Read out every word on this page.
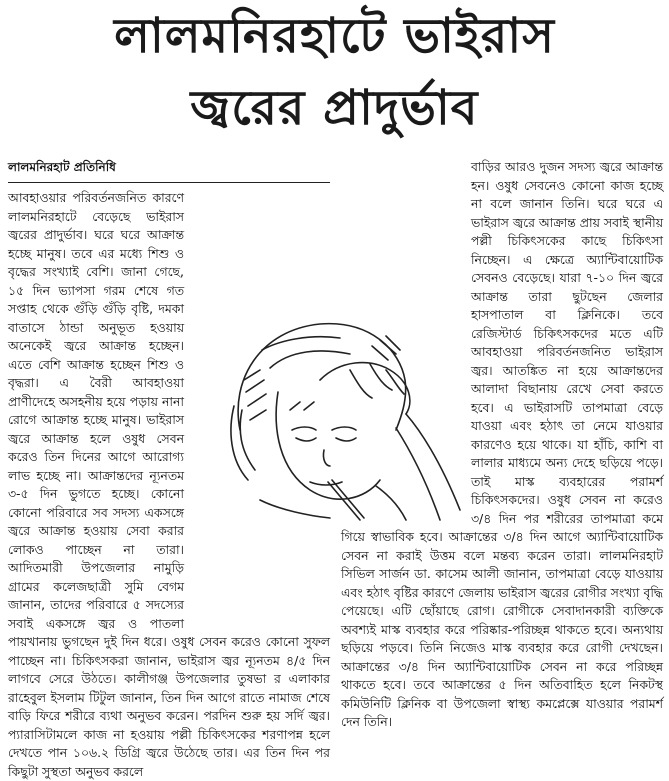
লালমনিরহাটে ভাইরাস
জ্বরের প্রাদুর্ভাব

লালমনিরহাট প্রতিনিধি

আবহাওয়ার পরিবর্তনজনিত কারণে লালমনিরহাটে বেড়েছে ভাইরাস জ্বরের প্রাদুর্ভাব। ঘরে ঘরে আক্রান্ত হচ্ছে মানুষ। তবে এর মধ্যে শিশু ও বৃদ্ধের সংখ্যাই বেশি। জানা গেছে, ১৫ দিন ভ্যাপসা গরম শেষে গত সপ্তাহ থেকে গুঁড়ি গুঁড়ি বৃষ্টি, দমকা বাতাসে ঠান্ডা অনুভূত হওয়ায় অনেকেই জ্বরে আক্রান্ত হচ্ছেন। এতে বেশি আক্রান্ত হচ্ছেন শিশু ও বৃদ্ধরা। এ বৈরী আবহাওয়া প্রাণীদেহে অসহনীয় হয়ে পড়ায় নানা রোগে আক্রান্ত হচ্ছে মানুষ। ভাইরাস জ্বরে আক্রান্ত হলে ওষুধ সেবন করেও তিন দিনের আগে আরোগ্য লাভ হচ্ছে না। আক্রান্তদের ন্যূনতম ৩-৫ দিন ভুগতে হচ্ছে। কোনো কোনো পরিবারে সব সদস্য একসঙ্গে জ্বরে আক্রান্ত হওয়ায় সেবা করার লোকও পাচ্ছেন না তারা। আদিতমারী উপজেলার নামুড়ি গ্রামের কলেজছাত্রী সুমি বেগম জানান, তাদের পরিবারে ৫ সদস্যের সবাই একসঙ্গে জ্বর ও পাতলা পায়খানায় ভুগছেন দুই দিন ধরে। ওষুধ সেবন করেও কোনো সুফল পাচ্ছেন না। চিকিৎসকরা জানান, ভাইরাস জ্বর ন্যূনতম ৪/৫ দিন লাগবে সেরে উঠতে। কালীগঞ্জ উপজেলার তুষভা র এলাকার রাহেবুল ইসলাম টিটুল জানান, তিন দিন আগে রাতে নামাজ শেষে বাড়ি ফিরে শরীরে ব্যথা অনুভব করেন। পরদিন শুরু হয় সর্দি জ্বর। প্যারাসিটামলে কাজ না হওয়ায় পল্লী চিকিৎসকের শরণাপন্ন হলে দেখতে পান ১০৬.২ ডিগ্রি জ্বরে উঠেছে তার। এর তিন দিন পর কিছুটা সুস্থতা অনুভব করলে

বাড়ির আরও দুজন সদস্য জ্বরে আক্রান্ত হন। ওষুধ সেবনেও কোনো কাজ হচ্ছে না বলে জানান তিনি। ঘরে ঘরে এ ভাইরাস জ্বরে আক্রান্ত প্রায় সবাই স্থানীয় পল্লী চিকিৎসকের কাছে চিকিৎসা নিচ্ছেন। এ ক্ষেত্রে অ্যান্টিবায়োটিক সেবনও বেড়েছে। যারা ৭-১০ দিন জ্বরে আক্রান্ত তারা ছুটছেন জেলার হাসপাতাল বা ক্লিনিকে। তবে রেজিস্টার্ড চিকিৎসকদের মতে এটি আবহাওয়া পরিবর্তনজনিত ভাইরাস জ্বর। আতঙ্কিত না হয়ে আক্রান্তদের আলাদা বিছানায় রেখে সেবা করতে হবে। এ ভাইরাসটি তাপমাত্রা বেড়ে যাওয়া এবং হঠাৎ তা নেমে যাওয়ার কারণেও হয়ে থাকে। যা হাঁচি, কাশি বা লালার মাধ্যমে অন্য দেহে ছড়িয়ে পড়ে। তাই মাস্ক ব্যবহারের পরামর্শ চিকিৎসকদের। ওষুধ সেবন না করেও ৩/৪ দিন পর শরীরের তাপমাত্রা কমে গিয়ে স্বাভাবিক হবে। আক্রান্তের ৩/৪ দিন আগে অ্যান্টিবায়োটিক সেবন না করাই উত্তম বলে মন্তব্য করেন তারা। লালমনিরহাট সিভিল সার্জন ডা. কাসেম আলী জানান, তাপমাত্রা বেড়ে যাওয়ায় এবং হঠাৎ বৃষ্টির কারণে জেলায় ভাইরাস জ্বরের রোগীর সংখ্যা বৃদ্ধি পেয়েছে। এটি ছোঁয়াছে রোগ। রোগীকে সেবাদানকারী ব্যক্তিকে অবশ্যই মাস্ক ব্যবহার করে পরিষ্কার-পরিচ্ছন্ন থাকতে হবে। অন্যথায় ছড়িয়ে পড়বে। তিনি নিজেও মাস্ক ব্যবহার করে রোগী দেখছেন। আক্রান্তের ৩/৪ দিন অ্যান্টিবায়োটিক সেবন না করে পরিচ্ছন্ন থাকতে হবে। তবে আক্রান্তের ৫ দিন অতিবাহিত হলে নিকটস্থ কমিউনিটি ক্লিনিক বা উপজেলা স্বাস্থ্য কমপ্লেক্সে যাওয়ার পরামর্শ দেন তিনি।
